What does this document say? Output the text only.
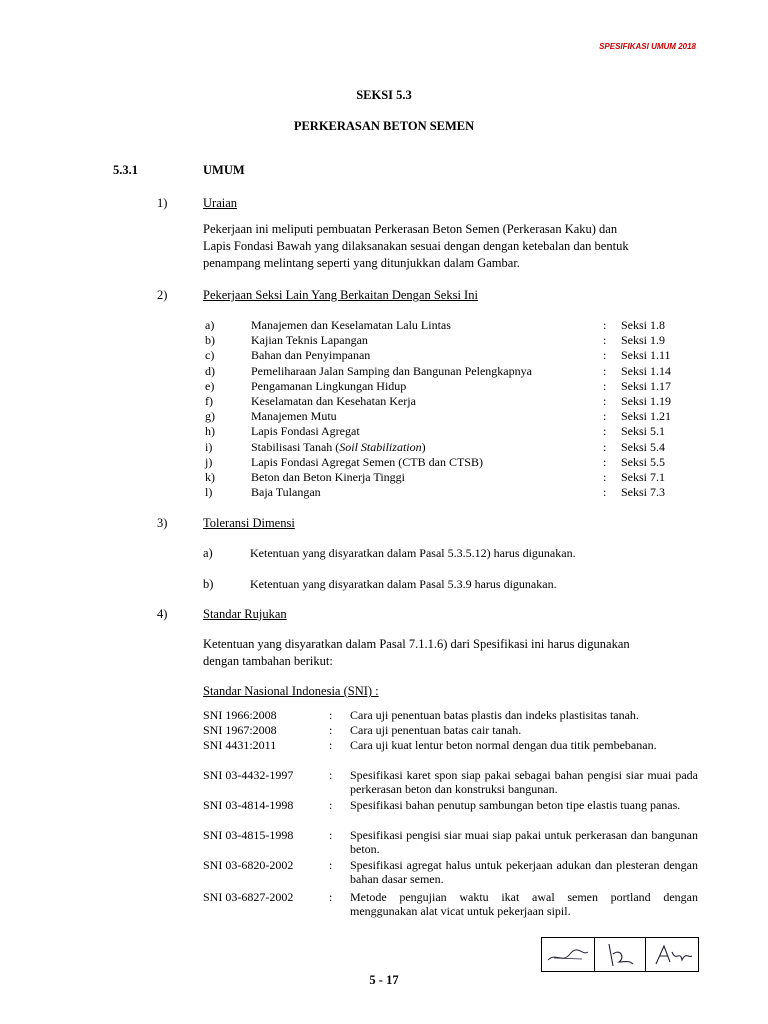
SPESIFIKASI UMUM 2018
SEKSI 5.3
PERKERASAN BETON SEMEN
5.3.1	UMUM
1)	Uraian
Pekerjaan ini meliputi pembuatan Perkerasan Beton Semen (Perkerasan Kaku) dan
Lapis Fondasi Bawah yang dilaksanakan sesuai dengan dengan ketebalan dan bentuk
penampang melintang seperti yang ditunjukkan dalam Gambar.
2)	Pekerjaan Seksi Lain Yang Berkaitan Dengan Seksi Ini
a)	Manajemen dan Keselamatan Lalu Lintas	: Seksi 1.8
b)	Kajian Teknis Lapangan	: Seksi 1.9
c)	Bahan dan Penyimpanan	: Seksi 1.11
d)	Pemeliharaan Jalan Samping dan Bangunan Pelengkapnya	: Seksi 1.14
e)	Pengamanan Lingkungan Hidup	: Seksi 1.17
f)	Keselamatan dan Kesehatan Kerja	: Seksi 1.19
g)	Manajemen Mutu	: Seksi 1.21
h)	Lapis Fondasi Agregat	: Seksi 5.1
i)	Stabilisasi Tanah (Soil Stabilization)	: Seksi 5.4
j)	Lapis Fondasi Agregat Semen (CTB dan CTSB)	: Seksi 5.5
k)	Beton dan Beton Kinerja Tinggi	: Seksi 7.1
l)	Baja Tulangan	: Seksi 7.3
3)	Toleransi Dimensi
a)	Ketentuan yang disyaratkan dalam Pasal 5.3.5.12) harus digunakan.
b)	Ketentuan yang disyaratkan dalam Pasal 5.3.9 harus digunakan.
4)	Standar Rujukan
Ketentuan yang disyaratkan dalam Pasal 7.1.1.6) dari Spesifikasi ini harus digunakan
dengan tambahan berikut:
Standar Nasional Indonesia (SNI) :
SNI 1966:2008	: Cara uji penentuan batas plastis dan indeks plastisitas tanah.
SNI 1967:2008	: Cara uji penentuan batas cair tanah.
SNI 4431:2011	: Cara uji kuat lentur beton normal dengan dua titik pembebanan.
SNI 03-4432-1997	: Spesifikasi karet spon siap pakai sebagai bahan pengisi siar muai pada perkerasan beton dan konstruksi bangunan.
SNI 03-4814-1998	: Spesifikasi bahan penutup sambungan beton tipe elastis tuang panas.
SNI 03-4815-1998	: Spesifikasi pengisi siar muai siap pakai untuk perkerasan dan bangunan beton.
SNI 03-6820-2002	: Spesifikasi agregat halus untuk pekerjaan adukan dan plesteran dengan bahan dasar semen.
SNI 03-6827-2002	: Metode pengujian waktu ikat awal semen portland dengan menggunakan alat vicat untuk pekerjaan sipil.
5 - 17
